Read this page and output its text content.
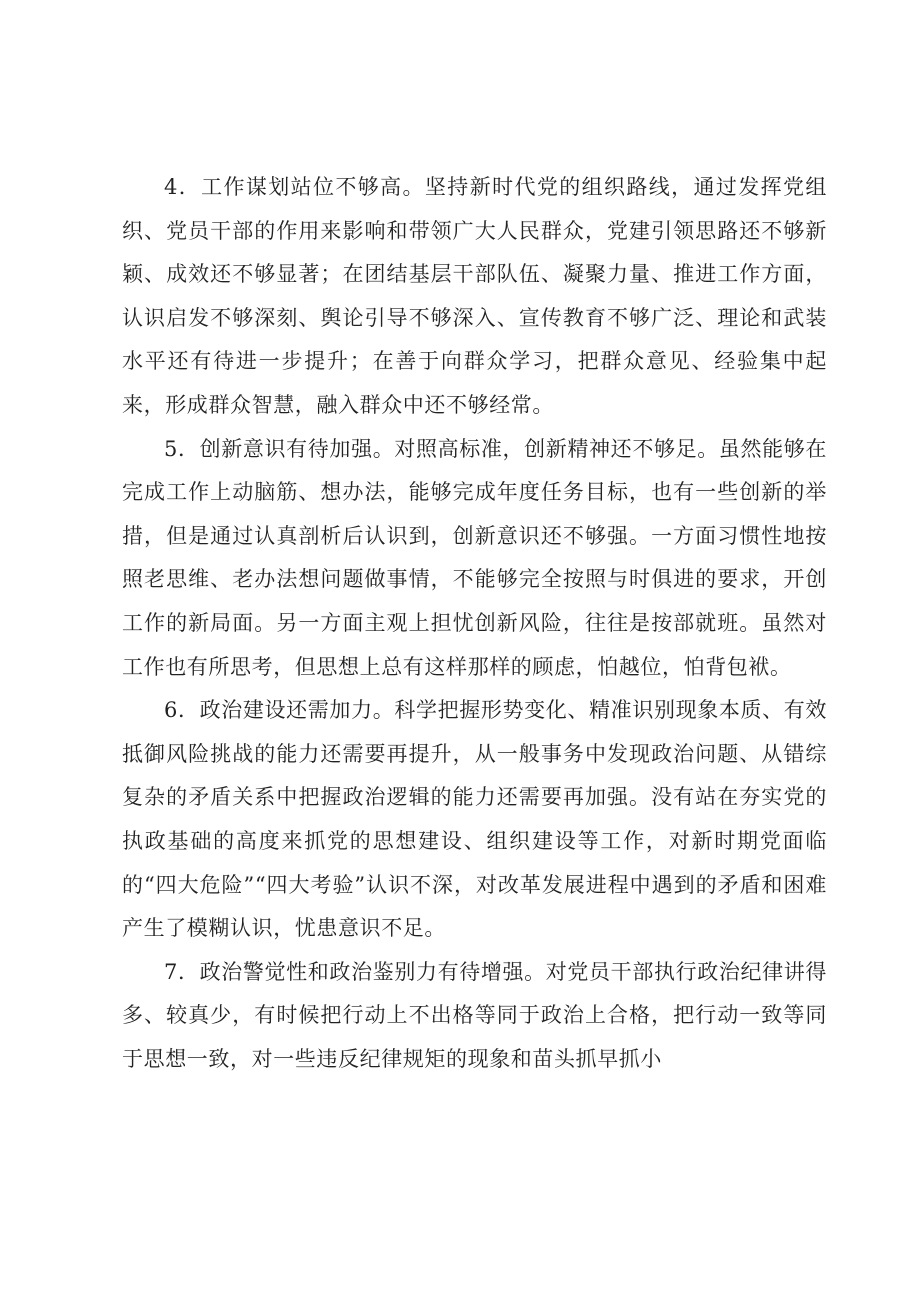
4．工作谋划站位不够高。坚持新时代党的组织路线，通过发挥党组织、党员干部的作用来影响和带领广大人民群众，党建引领思路还不够新颖、成效还不够显著；在团结基层干部队伍、凝聚力量、推进工作方面，认识启发不够深刻、舆论引导不够深入、宣传教育不够广泛、理论和武装水平还有待进一步提升；在善于向群众学习，把群众意见、经验集中起来，形成群众智慧，融入群众中还不够经常。

5．创新意识有待加强。对照高标准，创新精神还不够足。虽然能够在完成工作上动脑筋、想办法，能够完成年度任务目标，也有一些创新的举措，但是通过认真剖析后认识到，创新意识还不够强。一方面习惯性地按照老思维、老办法想问题做事情，不能够完全按照与时俱进的要求，开创工作的新局面。另一方面主观上担忧创新风险，往往是按部就班。虽然对工作也有所思考，但思想上总有这样那样的顾虑，怕越位，怕背包袱。

6．政治建设还需加力。科学把握形势变化、精准识别现象本质、有效抵御风险挑战的能力还需要再提升，从一般事务中发现政治问题、从错综复杂的矛盾关系中把握政治逻辑的能力还需要再加强。没有站在夯实党的执政基础的高度来抓党的思想建设、组织建设等工作，对新时期党面临的“四大危险”“四大考验”认识不深，对改革发展进程中遇到的矛盾和困难产生了模糊认识，忧患意识不足。

7．政治警觉性和政治鉴别力有待增强。对党员干部执行政治纪律讲得多、较真少，有时候把行动上不出格等同于政治上合格，把行动一致等同于思想一致，对一些违反纪律规矩的现象和苗头抓早抓小
